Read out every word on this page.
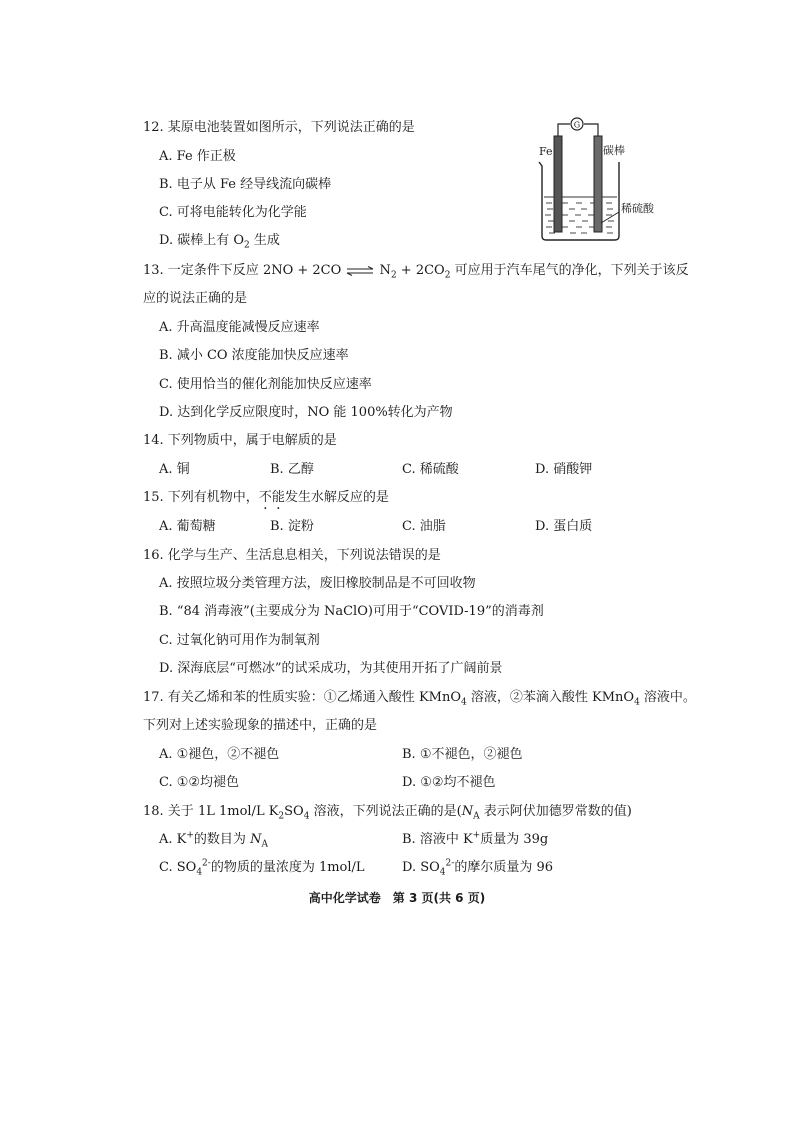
12. 某原电池装置如图所示，下列说法正确的是
A. Fe 作正极
B. 电子从 Fe 经导线流向碳棒
C. 可将电能转化为化学能
D. 碳棒上有 $O_2$ 生成
G
Fe	碳棒
稀硫酸
13. 一定条件下反应 2NO + 2CO ⇌ $N_2 + 2CO_2$ 可应用于汽车尾气的净化，下列关于该反
应的说法正确的是
A. 升高温度能减慢反应速率
B. 减小 CO 浓度能加快反应速率
C. 使用恰当的催化剂能加快反应速率
D. 达到化学反应限度时，NO 能 100%转化为产物
14. 下列物质中，属于电解质的是
A. 铜	B. 乙醇	C. 稀硫酸	D. 硝酸钾
15. 下列有机物中，不能发生水解反应的是
A. 葡萄糖	B. 淀粉	C. 油脂	D. 蛋白质
16. 化学与生产、生活息息相关，下列说法错误的是
A. 按照垃圾分类管理方法，废旧橡胶制品是不可回收物
B. “84 消毒液”(主要成分为 NaClO)可用于“COVID-19”的消毒剂
C. 过氧化钠可用作为制氧剂
D. 深海底层“可燃冰”的试采成功，为其使用开拓了广阔前景
17. 有关乙烯和苯的性质实验：①乙烯通入酸性 KMnO$_4$ 溶液，②苯滴入酸性 KMnO$_4$ 溶液中。
下列对上述实验现象的描述中，正确的是
A. ①褪色，②不褪色	B. ①不褪色，②褪色
C. ①②均褪色	D. ①②均不褪色
18. 关于 1L 1mol/L $K_2SO_4$ 溶液，下列说法正确的是($N_A$ 表示阿伏加德罗常数的值)
A. K+的数目为 $N_A$	B. 溶液中 K+质量为 39g
C. $SO_4^{2-}$的物质的量浓度为 1mol/L	D. $SO_4^{2-}$的摩尔质量为 96
高中化学试卷　第 3 页(共 6 页)
